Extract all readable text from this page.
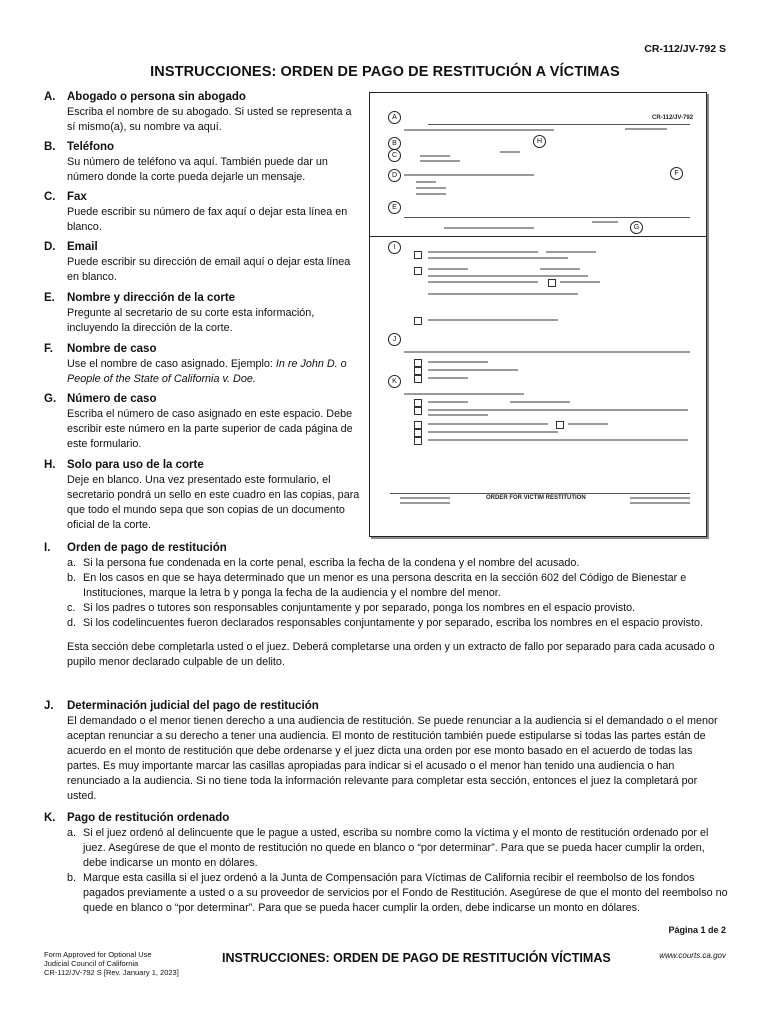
CR-112/JV-792 S
INSTRUCCIONES: ORDEN DE PAGO DE RESTITUCIÓN A VÍCTIMAS
A. Abogado o persona sin abogado
Escriba el nombre de su abogado. Si usted se representa a sí mismo(a), su nombre va aquí.
B. Teléfono
Su número de teléfono va aquí. También puede dar un número donde la corte pueda dejarle un mensaje.
C. Fax
Puede escribir su número de fax aquí o dejar esta línea en blanco.
D. Email
Puede escribir su dirección de email aquí o dejar esta línea en blanco.
E. Nombre y dirección de la corte
Pregunte al secretario de su corte esta información, incluyendo la dirección de la corte.
F. Nombre de caso
Use el nombre de caso asignado. Ejemplo: In re John D. o People of the State of California v. Doe.
G. Número de caso
Escriba el número de caso asignado en este espacio. Debe escribir este número en la parte superior de cada página de este formulario.
H. Solo para uso de la corte
Deje en blanco. Una vez presentado este formulario, el secretario pondrá un sello en este cuadro en las copias, para que todo el mundo sepa que son copias de un documento oficial de la corte.
CR-112/JV-792
A
B
C
H
D
E
F
G
I
J
K
ORDER FOR VICTIM RESTITUTION
I. Orden de pago de restitución
a. Si la persona fue condenada en la corte penal, escriba la fecha de la condena y el nombre del acusado.
b. En los casos en que se haya determinado que un menor es una persona descrita en la sección 602 del Código de Bienestar e Instituciones, marque la letra b y ponga la fecha de la audiencia y el nombre del menor.
c. Si los padres o tutores son responsables conjuntamente y por separado, ponga los nombres en el espacio provisto.
d. Si los codelincuentes fueron declarados responsables conjuntamente y por separado, escriba los nombres en el espacio provisto.
Esta sección debe completarla usted o el juez. Deberá completarse una orden y un extracto de fallo por separado para cada acusado o pupilo menor declarado culpable de un delito.
J. Determinación judicial del pago de restitución
El demandado o el menor tienen derecho a una audiencia de restitución. Se puede renunciar a la audiencia si el demandado o el menor aceptan renunciar a su derecho a tener una audiencia. El monto de restitución también puede estipularse si todas las partes están de acuerdo en el monto de restitución que debe ordenarse y el juez dicta una orden por ese monto basado en el acuerdo de todas las partes. Es muy importante marcar las casillas apropiadas para indicar si el acusado o el menor han tenido una audiencia o han renunciado a la audiencia. Si no tiene toda la información relevante para completar esta sección, entonces el juez la completará por usted.
K. Pago de restitución ordenado
a. Si el juez ordenó al delincuente que le pague a usted, escriba su nombre como la víctima y el monto de restitución ordenado por el juez. Asegúrese de que el monto de restitución no quede en blanco o “por determinar”. Para que se pueda hacer cumplir la orden, debe indicarse un monto en dólares.
b. Marque esta casilla si el juez ordenó a la Junta de Compensación para Víctimas de California recibir el reembolso de los fondos pagados previamente a usted o a su proveedor de servicios por el Fondo de Restitución. Asegúrese de que el monto del reembolso no quede en blanco o “por determinar”. Para que se pueda hacer cumplir la orden, debe indicarse un monto en dólares.
Página 1 de 2
Form Approved for Optional Use
Judicial Council of California
CR-112/JV-792 S [Rev. January 1, 2023]
INSTRUCCIONES: ORDEN DE PAGO DE RESTITUCIÓN VÍCTIMAS	www.courts.ca.gov
